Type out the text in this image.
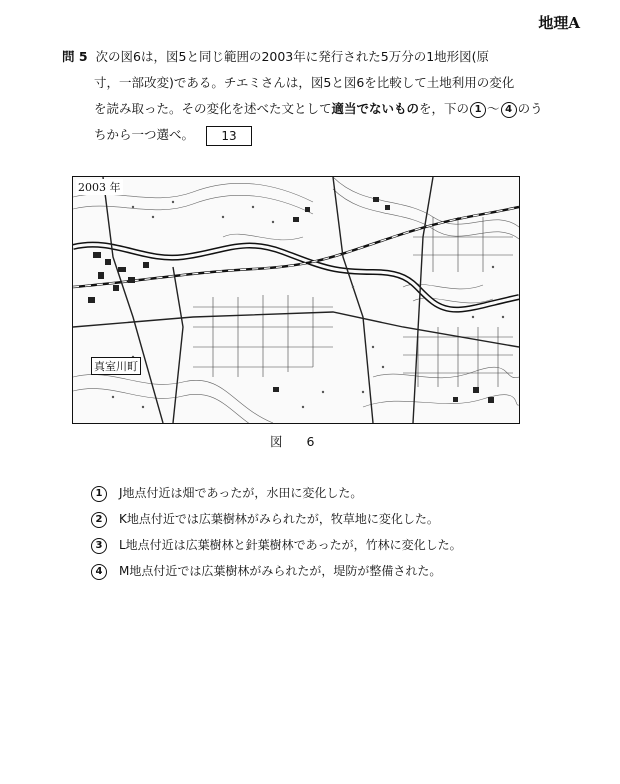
地理A
問 5 次の図6は，図5と同じ範囲の2003年に発行された5万分の1地形図(原
寸，一部改変)である。チエミさんは，図5と図6を比較して土地利用の変化
を読み取った。その変化を述べた文として適当でないものを，下の 1 〜 4 のう
ちから一つ選べ。 13
2003 年
真室川町
図 6
1 J地点付近は畑であったが，水田に変化した。
2 K地点付近では広葉樹林がみられたが，牧草地に変化した。
3 L地点付近は広葉樹林と針葉樹林であったが，竹林に変化した。
4 M地点付近では広葉樹林がみられたが，堤防が整備された。
